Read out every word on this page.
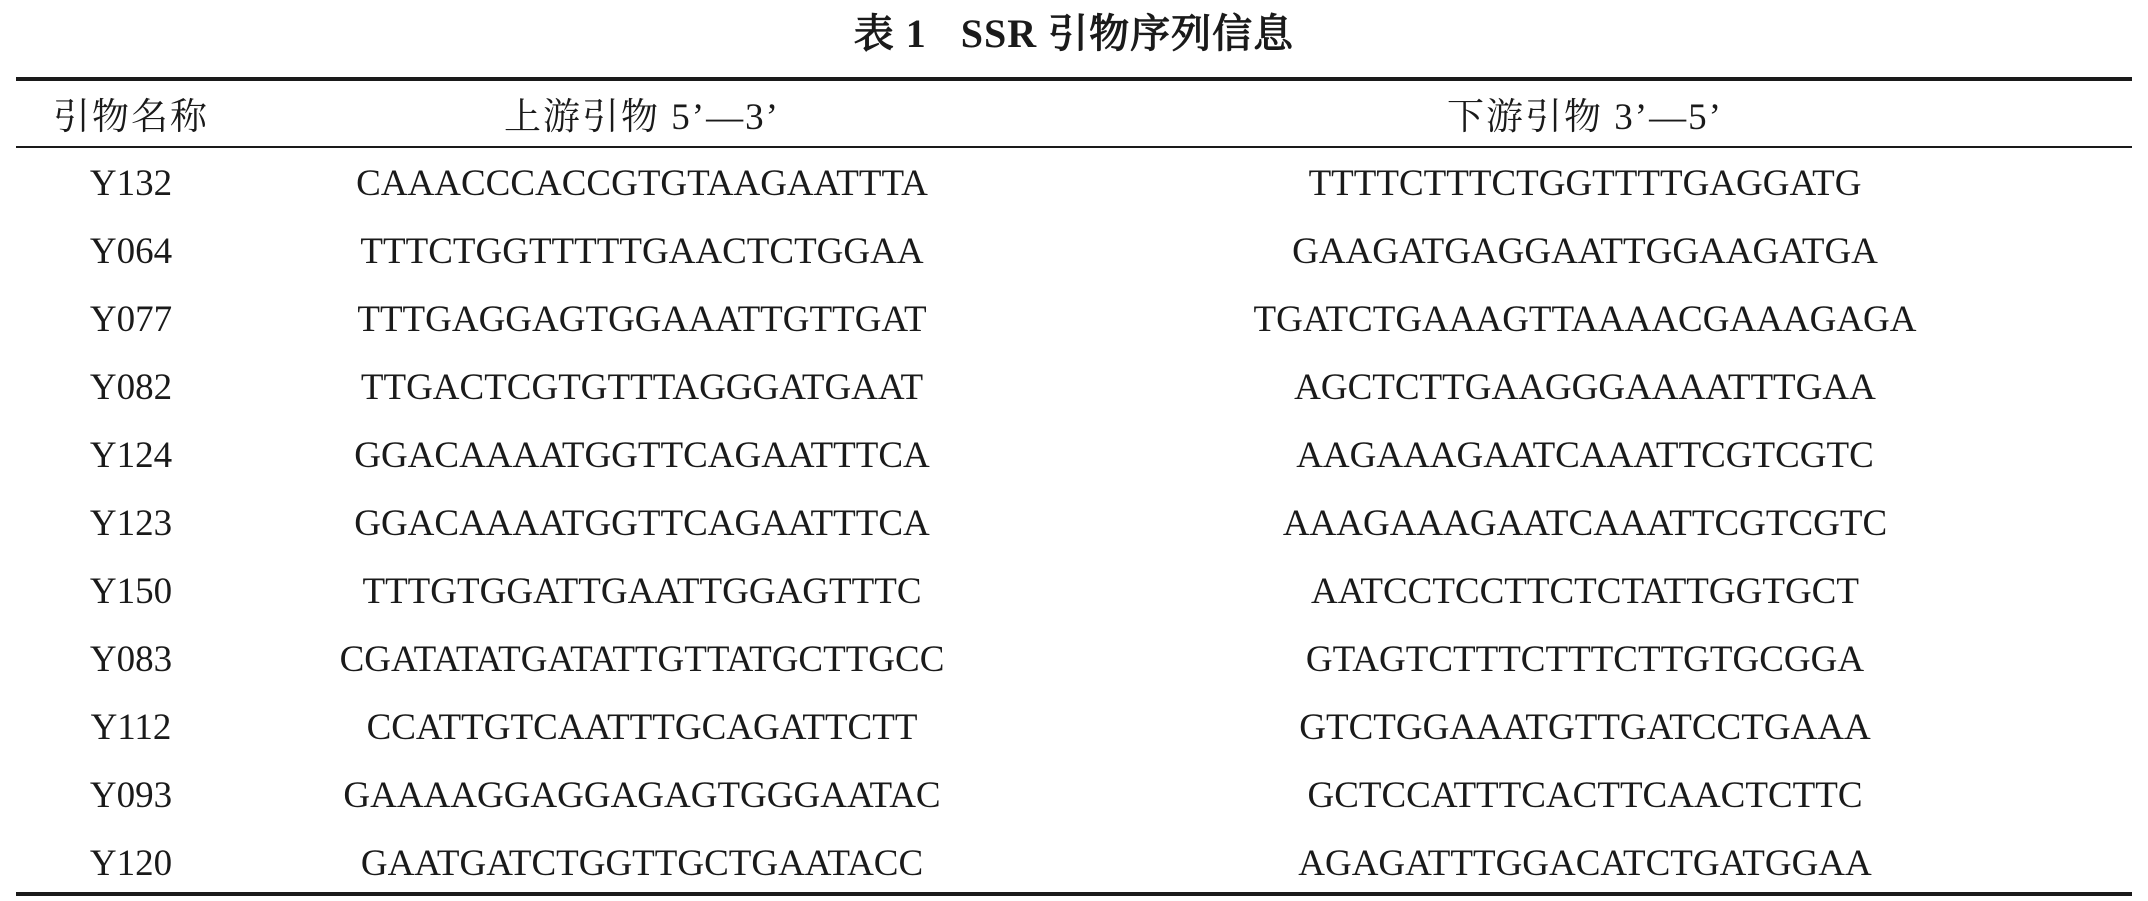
表 1 SSR 引物序列信息
引物名称	上游引物 5’—3’	下游引物 3’—5’
Y132	CAAACCCACCGTGTAAGAATTTA	TTTTCTTTCTGGTTTTGAGGATG
Y064	TTTCTGGTTTTTGAACTCTGGAA	GAAGATGAGGAATTGGAAGATGA
Y077	TTTGAGGAGTGGAAATTGTTGAT	TGATCTGAAAGTTAAAACGAAAGAGA
Y082	TTGACTCGTGTTTAGGGATGAAT	AGCTCTTGAAGGGAAAATTTGAA
Y124	GGACAAAATGGTTCAGAATTTCA	AAGAAAGAATCAAATTCGTCGTC
Y123	GGACAAAATGGTTCAGAATTTCA	AAAGAAAGAATCAAATTCGTCGTC
Y150	TTTGTGGATTGAATTGGAGTTTC	AATCCTCCTTCTCTATTGGTGCT
Y083	CGATATATGATATTGTTATGCTTGCC	GTAGTCTTTCTTTCTTGTGCGGA
Y112	CCATTGTCAATTTGCAGATTCTT	GTCTGGAAATGTTGATCCTGAAA
Y093	GAAAAGGAGGAGAGTGGGAATAC	GCTCCATTTCACTTCAACTCTTC
Y120	GAATGATCTGGTTGCTGAATACC	AGAGATTTGGACATCTGATGGAA
